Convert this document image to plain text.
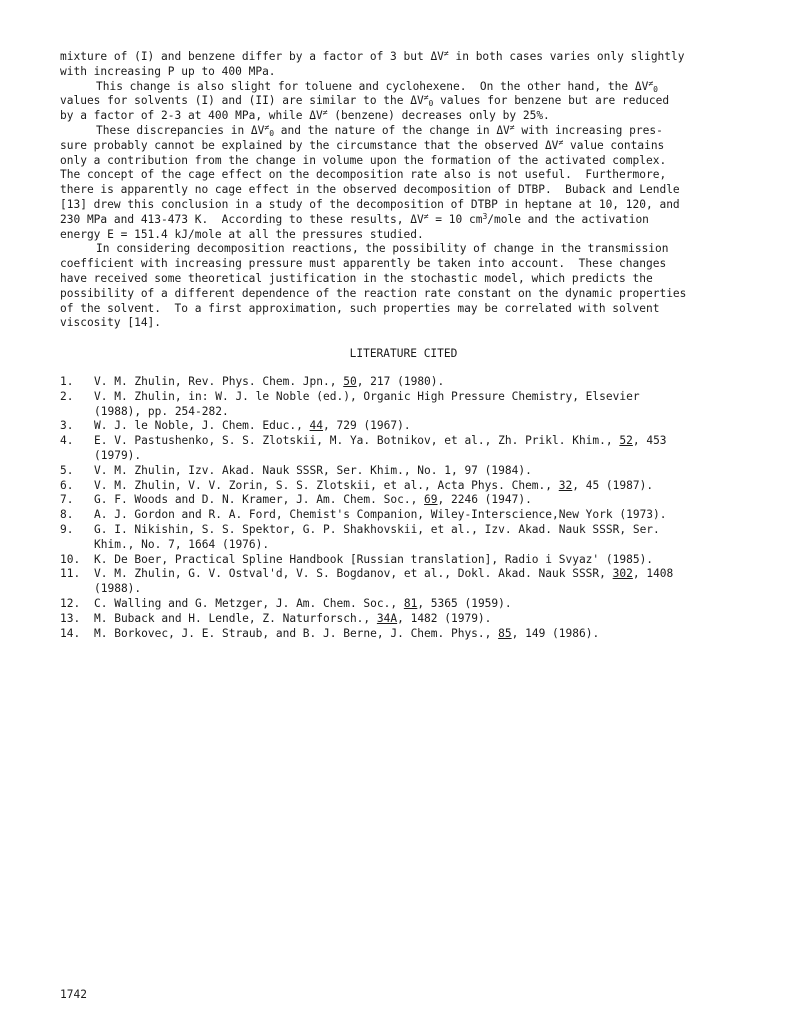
mixture of (I) and benzene differ by a factor of 3 but ΔV≠ in both cases varies only slightly
with increasing P up to 400 MPa.
This change is also slight for toluene and cyclohexene.  On the other hand, the $\Delta V^\ne_0$
values for solvents (I) and (II) are similar to the $\Delta V^\ne_0$ values for benzene but are reduced
by a factor of 2-3 at 400 MPa, while ΔV≠ (benzene) decreases only by 25%.
These discrepancies in $\Delta V^\ne_0$ and the nature of the change in ΔV≠ with increasing pres-
sure probably cannot be explained by the circumstance that the observed ΔV≠ value contains
only a contribution from the change in volume upon the formation of the activated complex.
The concept of the cage effect on the decomposition rate also is not useful.  Furthermore,
there is apparently no cage effect in the observed decomposition of DTBP.  Buback and Lendle
[13] drew this conclusion in a study of the decomposition of DTBP in heptane at 10, 120, and
230 MPa and 413-473 K.  According to these results, ΔV≠ = 10 $cm^3$/mole and the activation
energy E = 151.4 kJ/mole at all the pressures studied.
In considering decomposition reactions, the possibility of change in the transmission
coefficient with increasing pressure must apparently be taken into account.  These changes
have received some theoretical justification in the stochastic model, which predicts the
possibility of a different dependence of the reaction rate constant on the dynamic properties
of the solvent.  To a first approximation, such properties may be correlated with solvent
viscosity [14].
LITERATURE CITED
1.	V. M. Zhulin, Rev. Phys. Chem. Jpn., 50, 217 (1980).
2.	V. M. Zhulin, in: W. J. le Noble (ed.), Organic High Pressure Chemistry, Elsevier
(1988), pp. 254-282.
3.	W. J. le Noble, J. Chem. Educ., 44, 729 (1967).
4.	E. V. Pastushenko, S. S. Zlotskii, M. Ya. Botnikov, et al., Zh. Prikl. Khim., 52, 453
(1979).
5.	V. M. Zhulin, Izv. Akad. Nauk SSSR, Ser. Khim., No. 1, 97 (1984).
6.	V. M. Zhulin, V. V. Zorin, S. S. Zlotskii, et al., Acta Phys. Chem., 32, 45 (1987).
7.	G. F. Woods and D. N. Kramer, J. Am. Chem. Soc., 69, 2246 (1947).
8.	A. J. Gordon and R. A. Ford, Chemist's Companion, Wiley-Interscience,New York (1973).
9.	G. I. Nikishin, S. S. Spektor, G. P. Shakhovskii, et al., Izv. Akad. Nauk SSSR, Ser.
Khim., No. 7, 1664 (1976).
10.	K. De Boer, Practical Spline Handbook [Russian translation], Radio i Svyaz' (1985).
11.	V. M. Zhulin, G. V. Ostval'd, V. S. Bogdanov, et al., Dokl. Akad. Nauk SSSR, 302, 1408
(1988).
12.	C. Walling and G. Metzger, J. Am. Chem. Soc., 81, 5365 (1959).
13.	M. Buback and H. Lendle, Z. Naturforsch., 34A, 1482 (1979).
14.	M. Borkovec, J. E. Straub, and B. J. Berne, J. Chem. Phys., 85, 149 (1986).
1742
